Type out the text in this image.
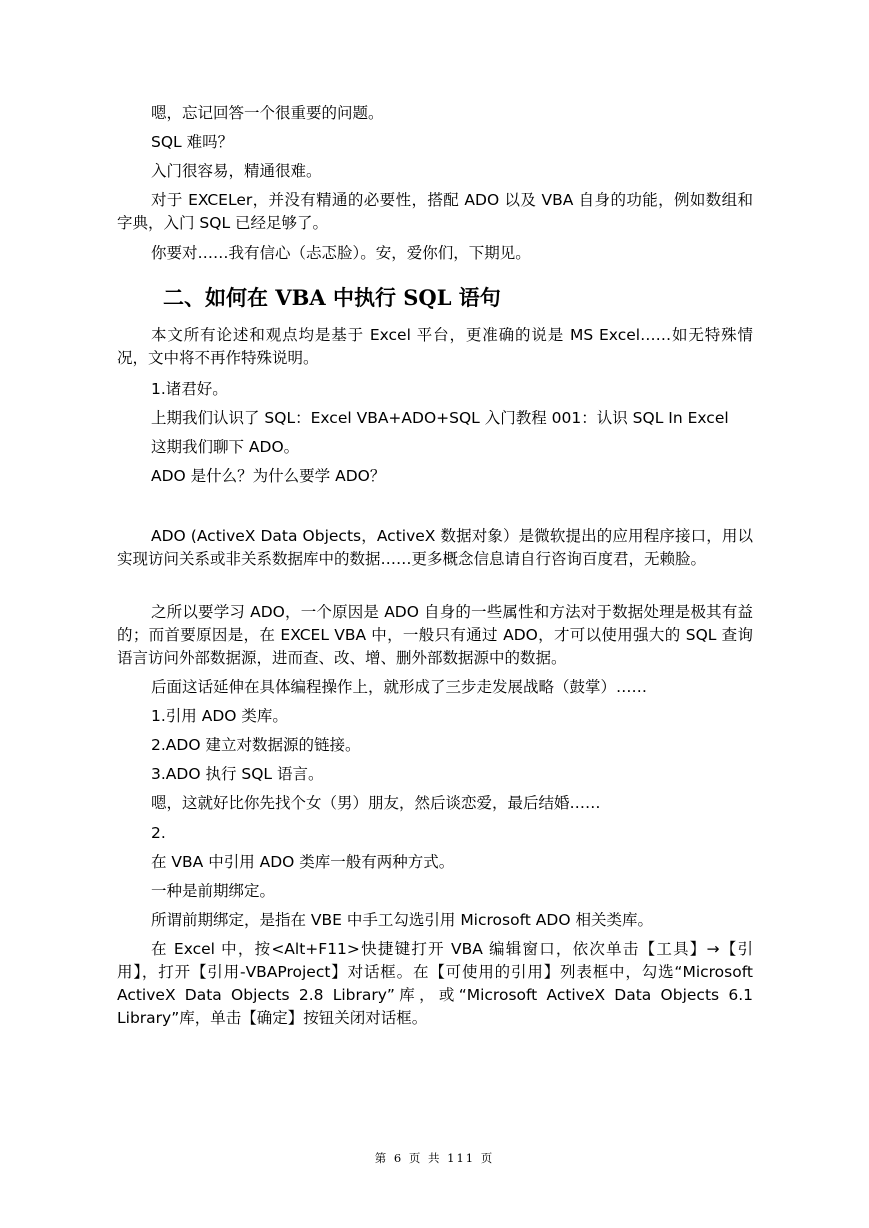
嗯，忘记回答一个很重要的问题。

SQL 难吗？

入门很容易，精通很难。

对于 EXCELer，并没有精通的必要性，搭配 ADO 以及 VBA 自身的功能，例如数组和字典，入门 SQL 已经足够了。

你要对……我有信心（忐忑脸）。安，爱你们，下期见。

二、如何在 VBA 中执行 SQL 语句

本文所有论述和观点均是基于 Excel 平台，更准确的说是 MS Excel……如无特殊情况，文中将不再作特殊说明。

1.诸君好。

上期我们认识了 SQL：Excel VBA+ADO+SQL 入门教程 001：认识 SQL In Excel

这期我们聊下 ADO。

ADO 是什么？为什么要学 ADO？

ADO (ActiveX Data Objects，ActiveX 数据对象）是微软提出的应用程序接口，用以实现访问关系或非关系数据库中的数据……更多概念信息请自行咨询百度君，无赖脸。

之所以要学习 ADO，一个原因是 ADO 自身的一些属性和方法对于数据处理是极其有益的；而首要原因是，在 EXCEL VBA 中，一般只有通过 ADO，才可以使用强大的 SQL 查询语言访问外部数据源，进而查、改、增、删外部数据源中的数据。

后面这话延伸在具体编程操作上，就形成了三步走发展战略（鼓掌）……

1.引用 ADO 类库。

2.ADO 建立对数据源的链接。

3.ADO 执行 SQL 语言。

嗯，这就好比你先找个女（男）朋友，然后谈恋爱，最后结婚……

2.

在 VBA 中引用 ADO 类库一般有两种方式。

一种是前期绑定。

所谓前期绑定，是指在 VBE 中手工勾选引用 Microsoft ADO 相关类库。

在 Excel 中，按<Alt+F11>快捷键打开 VBA 编辑窗口，依次单击【工具】→【引用】，打开【引用-VBAProject】对话框。在【可使用的引用】列表框中，勾选“Microsoft ActiveX Data Objects 2.8 Library”库，或“Microsoft ActiveX Data Objects 6.1 Library”库，单击【确定】按钮关闭对话框。

第 6 页 共 111 页
